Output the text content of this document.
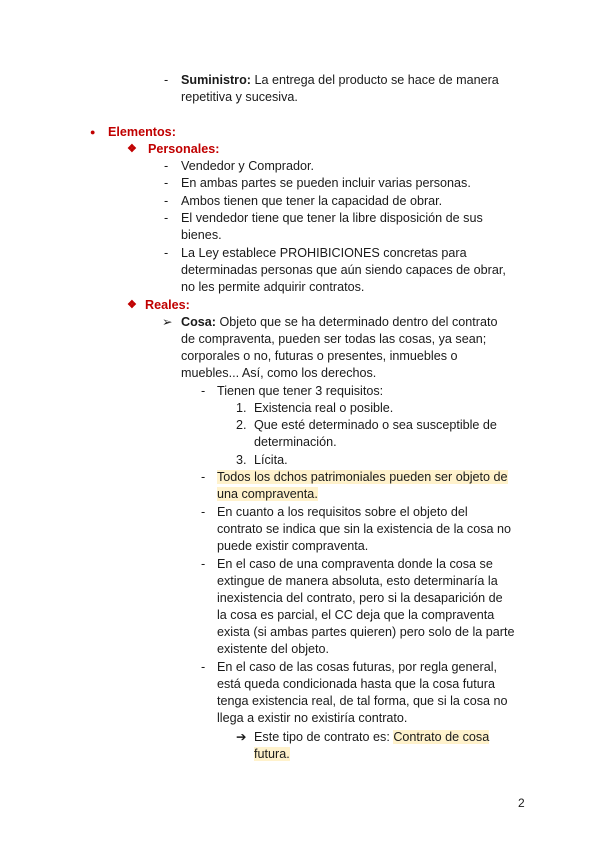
- Suministro: La entrega del producto se hace de manera
repetitiva y sucesiva.
● Elementos:
❖ Personales:
- Vendedor y Comprador.
- En ambas partes se pueden incluir varias personas.
- Ambos tienen que tener la capacidad de obrar.
- El vendedor tiene que tener la libre disposición de sus
bienes.
- La Ley establece PROHIBICIONES concretas para
determinadas personas que aún siendo capaces de obrar,
no les permite adquirir contratos.
❖ Reales:
➢ Cosa: Objeto que se ha determinado dentro del contrato
de compraventa, pueden ser todas las cosas, ya sean;
corporales o no, futuras o presentes, inmuebles o
muebles... Así, como los derechos.
- Tienen que tener 3 requisitos:
1. Existencia real o posible.
2. Que esté determinado o sea susceptible de
determinación.
3. Lícita.
- Todos los dchos patrimoniales pueden ser objeto de
una compraventa.
- En cuanto a los requisitos sobre el objeto del
contrato se indica que sin la existencia de la cosa no
puede existir compraventa.
- En el caso de una compraventa donde la cosa se
extingue de manera absoluta, esto determinaría la
inexistencia del contrato, pero si la desaparición de
la cosa es parcial, el CC deja que la compraventa
exista (si ambas partes quieren) pero solo de la parte
existente del objeto.
- En el caso de las cosas futuras, por regla general,
está queda condicionada hasta que la cosa futura
tenga existencia real, de tal forma, que si la cosa no
llega a existir no existiría contrato.
➔ Este tipo de contrato es: Contrato de cosa
futura.
2
